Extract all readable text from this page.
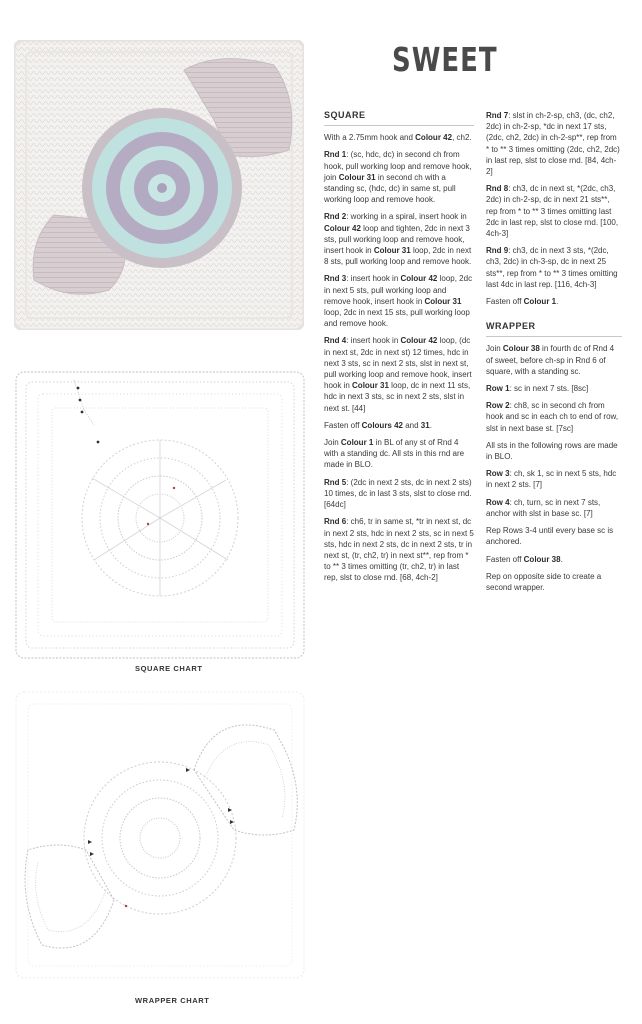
SQUARE CHART
WRAPPER CHART
SWEET
SQUARE

With a 2.75mm hook and Colour 42, ch2.

Rnd 1: (sc, hdc, dc) in second ch from hook, pull working loop and remove hook, join Colour 31 in second ch with a standing sc, (hdc, dc) in same st, pull working loop and remove hook.

Rnd 2: working in a spiral, insert hook in Colour 42 loop and tighten, 2dc in next 3 sts, pull working loop and remove hook, insert hook in Colour 31 loop, 2dc in next 8 sts, pull working loop and remove hook.

Rnd 3: insert hook in Colour 42 loop, 2dc in next 5 sts, pull working loop and remove hook, insert hook in Colour 31 loop, 2dc in next 15 sts, pull working loop and remove hook.

Rnd 4: insert hook in Colour 42 loop, (dc in next st, 2dc in next st) 12 times, hdc in next 3 sts, sc in next 2 sts, slst in next st, pull working loop and remove hook, insert hook in Colour 31 loop, dc in next 11 sts, hdc in next 3 sts, sc in next 2 sts, slst in next st. [44]

Fasten off Colours 42 and 31.

Join Colour 1 in BL of any st of Rnd 4 with a standing dc. All sts in this rnd are made in BLO.

Rnd 5: (2dc in next 2 sts, dc in next 2 sts) 10 times, dc in last 3 sts, slst to close rnd. [64dc]

Rnd 6: ch6, tr in same st, *tr in next st, dc in next 2 sts, hdc in next 2 sts, sc in next 5 sts, hdc in next 2 sts, dc in next 2 sts, tr in next st, (tr, ch2, tr) in next st**, rep from * to ** 3 times omitting (tr, ch2, tr) in last rep, slst to close rnd. [68, 4ch-2]

Rnd 7: slst in ch-2-sp, ch3, (dc, ch2, 2dc) in ch-2-sp, *dc in next 17 sts, (2dc, ch2, 2dc) in ch-2-sp**, rep from * to ** 3 times omitting (2dc, ch2, 2dc) in last rep, slst to close rnd. [84, 4ch-2]

Rnd 8: ch3, dc in next st, *(2dc, ch3, 2dc) in ch-2-sp, dc in next 21 sts**, rep from * to ** 3 times omitting last 2dc in last rep, slst to close rnd. [100, 4ch-3]

Rnd 9: ch3, dc in next 3 sts, *(2dc, ch3, 2dc) in ch-3-sp, dc in next 25 sts**, rep from * to ** 3 times omitting last 4dc in last rep. [116, 4ch-3]

Fasten off Colour 1.

WRAPPER

Join Colour 38 in fourth dc of Rnd 4 of sweet, before ch-sp in Rnd 6 of square, with a standing sc.

Row 1: sc in next 7 sts. [8sc]

Row 2: ch8, sc in second ch from hook and sc in each ch to end of row, slst in next base st. [7sc]

All sts in the following rows are made in BLO.

Row 3: ch, sk 1, sc in next 5 sts, hdc in next 2 sts. [7]

Row 4: ch, turn, sc in next 7 sts, anchor with slst in base sc. [7]

Rep Rows 3-4 until every base sc is anchored.

Fasten off Colour 38.

Rep on opposite side to create a second wrapper.
